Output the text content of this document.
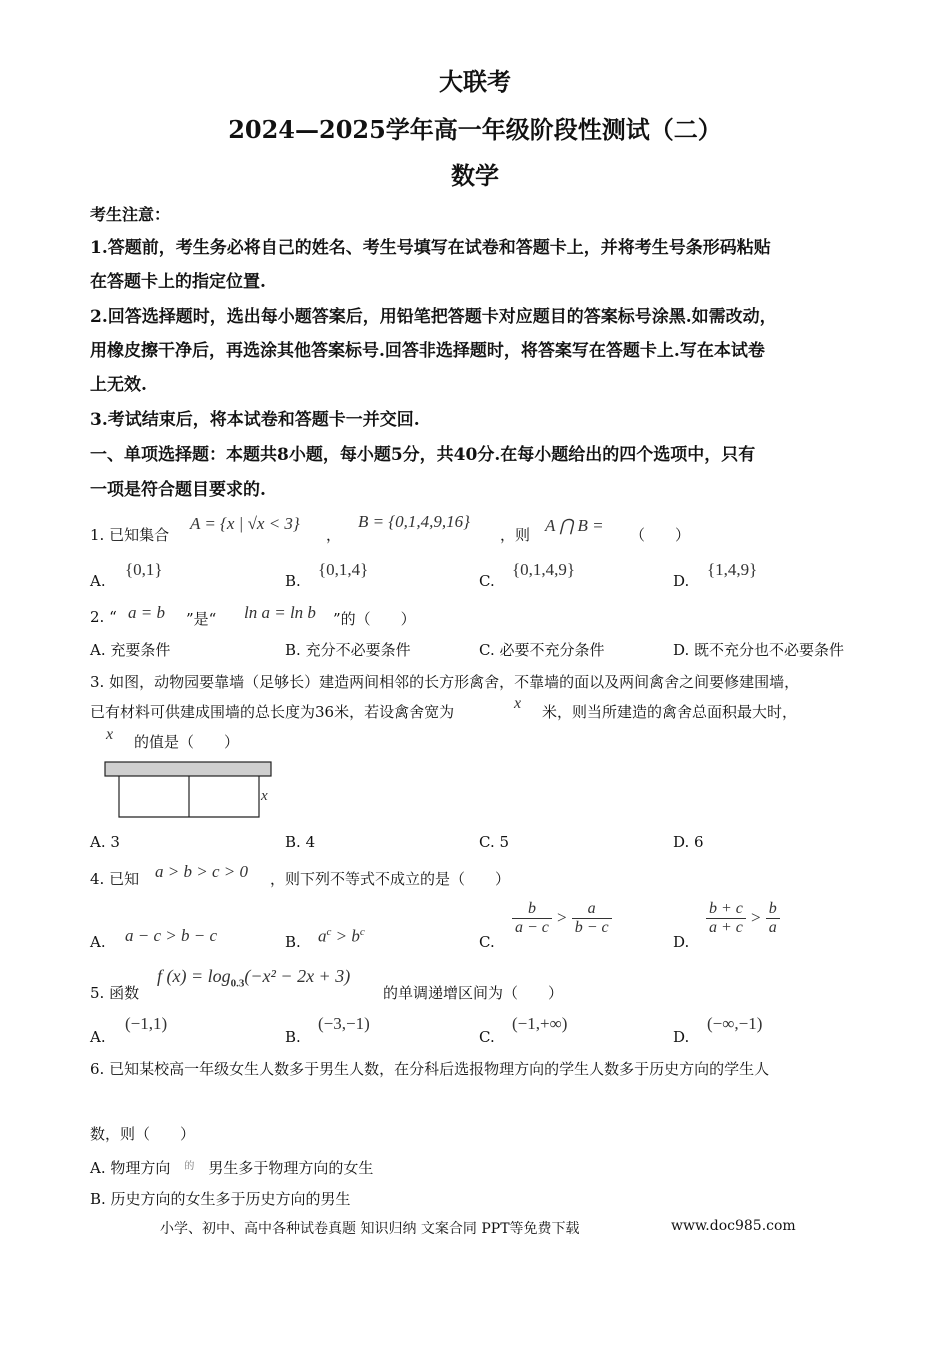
大联考
2024—2025学年高一年级阶段性测试（二）
数学
考生注意：
1.答题前，考生务必将自己的姓名、考生号填写在试卷和答题卡上，并将考生号条形码粘贴
在答题卡上的指定位置.
2.回答选择题时，选出每小题答案后，用铅笔把答题卡对应题目的答案标号涂黑.如需改动，
用橡皮擦干净后，再选涂其他答案标号.回答非选择题时，将答案写在答题卡上.写在本试卷
上无效.
3.考试结束后，将本试卷和答题卡一并交回.
一、单项选择题：本题共8小题，每小题5分，共40分.在每小题给出的四个选项中，只有
一项是符合题目要求的.
1. 已知集合
A = {x | √x < 3}
，
B = {0,1,4,9,16}
，则 A ⋂ B = （　　）
A.
{0,1}
B.
{0,1,4}
C.
{0,1,4,9}
D.
{1,4,9}
2. “ a = b ”是“ ln a = ln b ”的（　　）
A. 充要条件	B. 充分不必要条件	C. 必要不充分条件	D. 既不充分也不必要条件
3. 如图，动物园要靠墙（足够长）建造两间相邻的长方形禽舍，不靠墙的面以及两间禽舍之间要修建围墙，
已有材料可供建成围墙的总长度为36米，若设禽舍宽为	x 米，则当所建造的禽舍总面积最大时，
x 的值是（　　）
x
A. 3	B. 4	C. 5	D. 6
4. 已知 a > b > c > 0 ，则下列不等式不成立的是（　　）
A. a − c > b − c	B. $a^c > b^c$
C.
$\frac{b}{a - c} > \frac{a}{b - c}$
D.
$\frac{b + c}{a + c} > \frac{b}{a}$
5. 函数
f $(x) = \log_{0.3}(-x^2 - 2x + 3)$
的单调递增区间为（　　）
A.
(−1,1)
B.
(−3,−1)
C.
(−1,+∞)
D.
(−∞,−1)
6. 已知某校高一年级女生人数多于男生人数，在分科后选报物理方向的学生人数多于历史方向的学生人
数，则（　　）
A. 物理方向 的 男生多于物理方向的女生
B. 历史方向的女生多于历史方向的男生
小学、初中、高中各种试卷真题 知识归纳 文案合同 PPT等免费下载	www.doc985.com
